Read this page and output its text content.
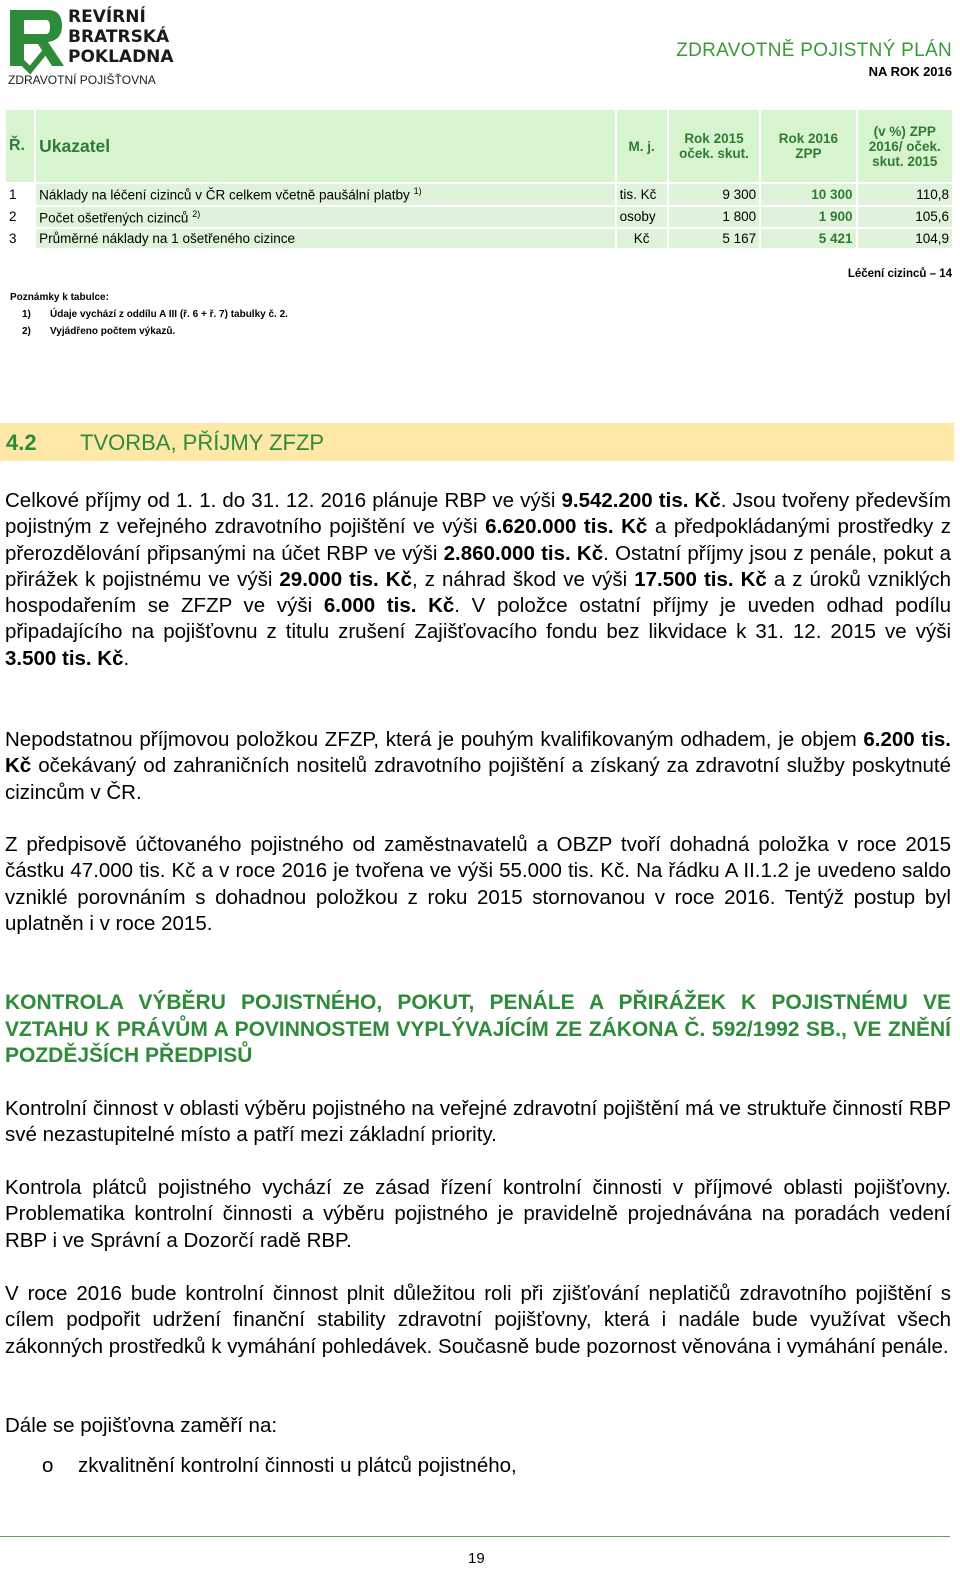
REVÍRNÍ
BRATRSKÁ
POKLADNA
ZDRAVOTNÍ POJIŠŤOVNA
ZDRAVOTNĚ POJISTNÝ PLÁN
NA ROK 2016
Ř.	Ukazatel	M. j.	Rok 2015 oček. skut.	Rok 2016 ZPP	(v %) ZPP 2016/ oček. skut. 2015
1	Náklady na léčení cizinců v ČR celkem včetně paušální platby $^{1)}$	tis. Kč	9 300	10 300	110,8
2	Počet ošetřených cizinců $^{2)}$	osoby	1 800	1 900	105,6
3	Průměrné náklady na 1 ošetřeného cizince	Kč	5 167	5 421	104,9
Léčení cizinců – 14
Poznámky k tabulce:
1) Údaje vychází z oddílu A III (ř. 6 + ř. 7) tabulky č. 2.
2) Vyjádřeno počtem výkazů.
4.2 TVORBA, PŘÍJMY ZFZP
Celkové příjmy od 1. 1. do 31. 12. 2016 plánuje RBP ve výši 9.542.200 tis. Kč. Jsou tvořeny především pojistným z veřejného zdravotního pojištění ve výši 6.620.000 tis. Kč a předpokládanými prostředky z přerozdělování připsanými na účet RBP ve výši 2.860.000 tis. Kč. Ostatní příjmy jsou z penále, pokut a přirážek k pojistnému ve výši 29.000 tis. Kč, z náhrad škod ve výši 17.500 tis. Kč a z úroků vzniklých hospodařením se ZFZP ve výši 6.000 tis. Kč. V položce ostatní příjmy je uveden odhad podílu připadajícího na pojišťovnu z titulu zrušení Zajišťovacího fondu bez likvidace k 31. 12. 2015 ve výši 3.500 tis. Kč.
Nepodstatnou příjmovou položkou ZFZP, která je pouhým kvalifikovaným odhadem, je objem 6.200 tis. Kč očekávaný od zahraničních nositelů zdravotního pojištění a získaný za zdravotní služby poskytnuté cizincům v ČR.
Z předpisově účtovaného pojistného od zaměstnavatelů a OBZP tvoří dohadná položka v roce 2015 částku 47.000 tis. Kč a v roce 2016 je tvořena ve výši 55.000 tis. Kč. Na řádku A II.1.2 je uvedeno saldo vzniklé porovnáním s dohadnou položkou z roku 2015 stornovanou v roce 2016. Tentýž postup byl uplatněn i v roce 2015.
KONTROLA VÝBĚRU POJISTNÉHO, POKUT, PENÁLE A PŘIRÁŽEK K POJISTNÉMU VE VZTAHU K PRÁVŮM A POVINNOSTEM VYPLÝVAJÍCÍM ZE ZÁKONA Č. 592/1992 SB., VE ZNĚNÍ POZDĚJŠÍCH PŘEDPISŮ
Kontrolní činnost v oblasti výběru pojistného na veřejné zdravotní pojištění má ve struktuře činností RBP své nezastupitelné místo a patří mezi základní priority.
Kontrola plátců pojistného vychází ze zásad řízení kontrolní činnosti v příjmové oblasti pojišťovny. Problematika kontrolní činnosti a výběru pojistného je pravidelně projednávána na poradách vedení RBP i ve Správní a Dozorčí radě RBP.
V roce 2016 bude kontrolní činnost plnit důležitou roli při zjišťování neplatičů zdravotního pojištění s cílem podpořit udržení finanční stability zdravotní pojišťovny, která i nadále bude využívat všech zákonných prostředků k vymáhání pohledávek. Současně bude pozornost věnována i vymáhání penále.
Dále se pojišťovna zaměří na:
o zkvalitnění kontrolní činnosti u plátců pojistného,
19
